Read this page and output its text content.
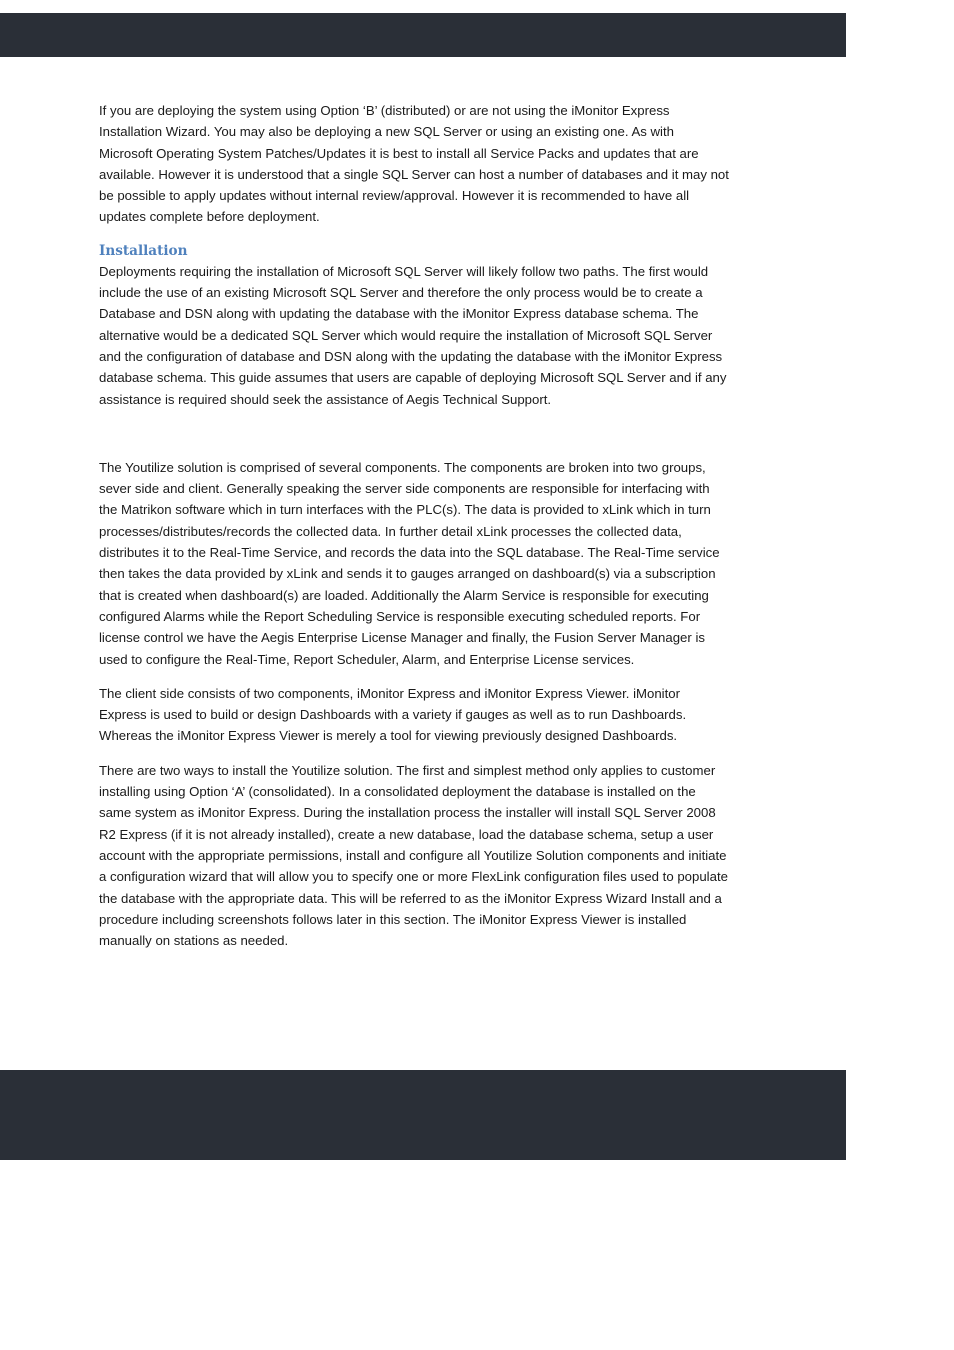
If you are deploying the system using Option ‘B’ (distributed) or are not using the iMonitor Express Installation Wizard. You may also be deploying a new SQL Server or using an existing one. As with Microsoft Operating System Patches/Updates it is best to install all Service Packs and updates that are available. However it is understood that a single SQL Server can host a number of databases and it may not be possible to apply updates without internal review/approval. However it is recommended to have all updates complete before deployment.

Installation

Deployments requiring the installation of Microsoft SQL Server will likely follow two paths. The first would include the use of an existing Microsoft SQL Server and therefore the only process would be to create a Database and DSN along with updating the database with the iMonitor Express database schema. The alternative would be a dedicated SQL Server which would require the installation of Microsoft SQL Server and the configuration of database and DSN along with the updating the database with the iMonitor Express database schema. This guide assumes that users are capable of deploying Microsoft SQL Server and if any assistance is required should seek the assistance of Aegis Technical Support.

The Youtilize solution is comprised of several components. The components are broken into two groups, sever side and client. Generally speaking the server side components are responsible for interfacing with the Matrikon software which in turn interfaces with the PLC(s). The data is provided to xLink which in turn processes/distributes/records the collected data. In further detail xLink processes the collected data, distributes it to the Real-Time Service, and records the data into the SQL database. The Real-Time service then takes the data provided by xLink and sends it to gauges arranged on dashboard(s) via a subscription that is created when dashboard(s) are loaded. Additionally the Alarm Service is responsible for executing configured Alarms while the Report Scheduling Service is responsible executing scheduled reports. For license control we have the Aegis Enterprise License Manager and finally, the Fusion Server Manager is used to configure the Real-Time, Report Scheduler, Alarm, and Enterprise License services.

The client side consists of two components, iMonitor Express and iMonitor Express Viewer. iMonitor Express is used to build or design Dashboards with a variety if gauges as well as to run Dashboards. Whereas the iMonitor Express Viewer is merely a tool for viewing previously designed Dashboards.

There are two ways to install the Youtilize solution. The first and simplest method only applies to customer installing using Option ‘A’ (consolidated). In a consolidated deployment the database is installed on the same system as iMonitor Express. During the installation process the installer will install SQL Server 2008 R2 Express (if it is not already installed), create a new database, load the database schema, setup a user account with the appropriate permissions, install and configure all Youtilize Solution components and initiate a configuration wizard that will allow you to specify one or more FlexLink configuration files used to populate the database with the appropriate data. This will be referred to as the iMonitor Express Wizard Install and a procedure including screenshots follows later in this section. The iMonitor Express Viewer is installed manually on stations as needed.
